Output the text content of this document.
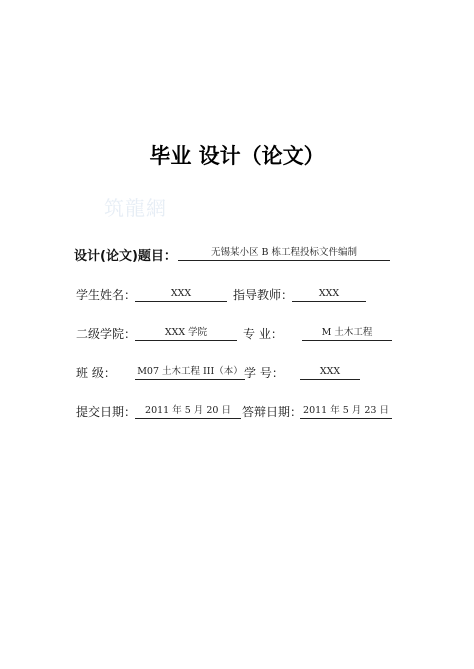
毕业 设计（论文）
筑龍網
设计(论文)题目：	无锡某小区 B 栋工程投标文件编制
学生姓名：	XXX	指导教师：	XXX
二级学院：	XXX 学院	专 业：	M 土木工程
班 级： M07 土木工程 III（本） 学 号：	XXX
提交日期： 2011 年 5 月 20 日 答辩日期： 2011 年 5 月 23 日
